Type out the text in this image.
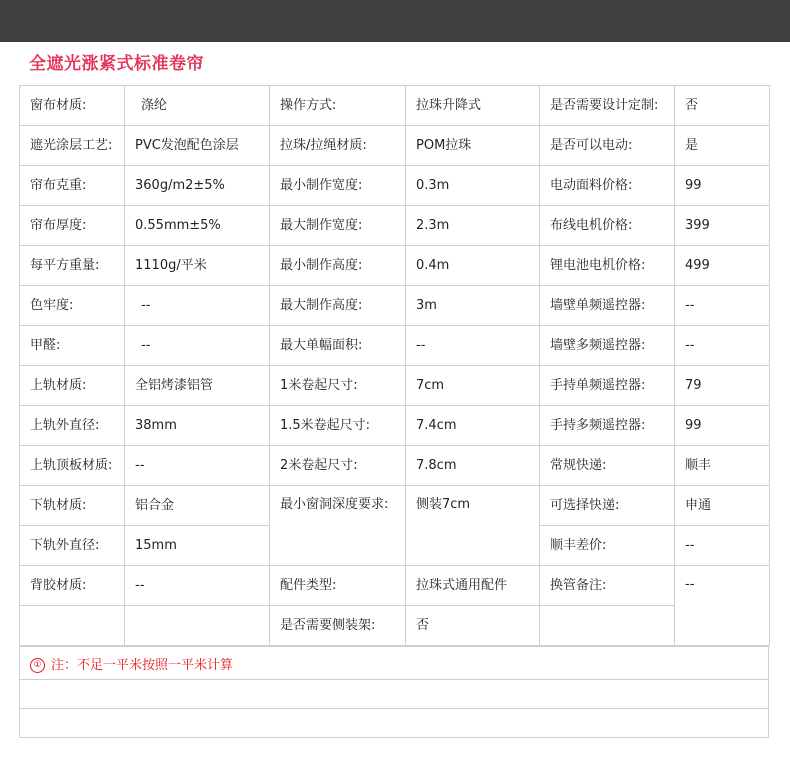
全遮光涨紧式标准卷帘
窗布材质:	涤纶	操作方式:	拉珠升降式	是否需要设计定制:	否
遮光涂层工艺:	PVC发泡配色涂层	拉珠/拉绳材质:	POM拉珠	是否可以电动:	是
帘布克重:	360g/m2±5%	最小制作宽度:	0.3m	电动面料价格:	99
帘布厚度:	0.55mm±5%	最大制作宽度:	2.3m	布线电机价格:	399
每平方重量:	1110g/平米	最小制作高度:	0.4m	锂电池电机价格:	499
色牢度:	--	最大制作高度:	3m	墙壁单频遥控器:	--
甲醛:	--	最大单幅面积:	--	墙壁多频遥控器:	--
上轨材质:	全铝烤漆铝管	1米卷起尺寸:	7cm	手持单频遥控器:	79
上轨外直径:	38mm	1.5米卷起尺寸:	7.4cm	手持多频遥控器:	99
上轨顶板材质:	--	2米卷起尺寸:	7.8cm	常规快递:	顺丰
下轨材质:	铝合金	最小窗洞深度要求:	侧装7cm	可选择快递:	申通
下轨外直径:	15mm			顺丰差价:	--
背胶材质:	--	配件类型:	拉珠式通用配件	换管备注:	--
		是否需要侧装架:	否		
① 注：不足一平米按照一平米计算
